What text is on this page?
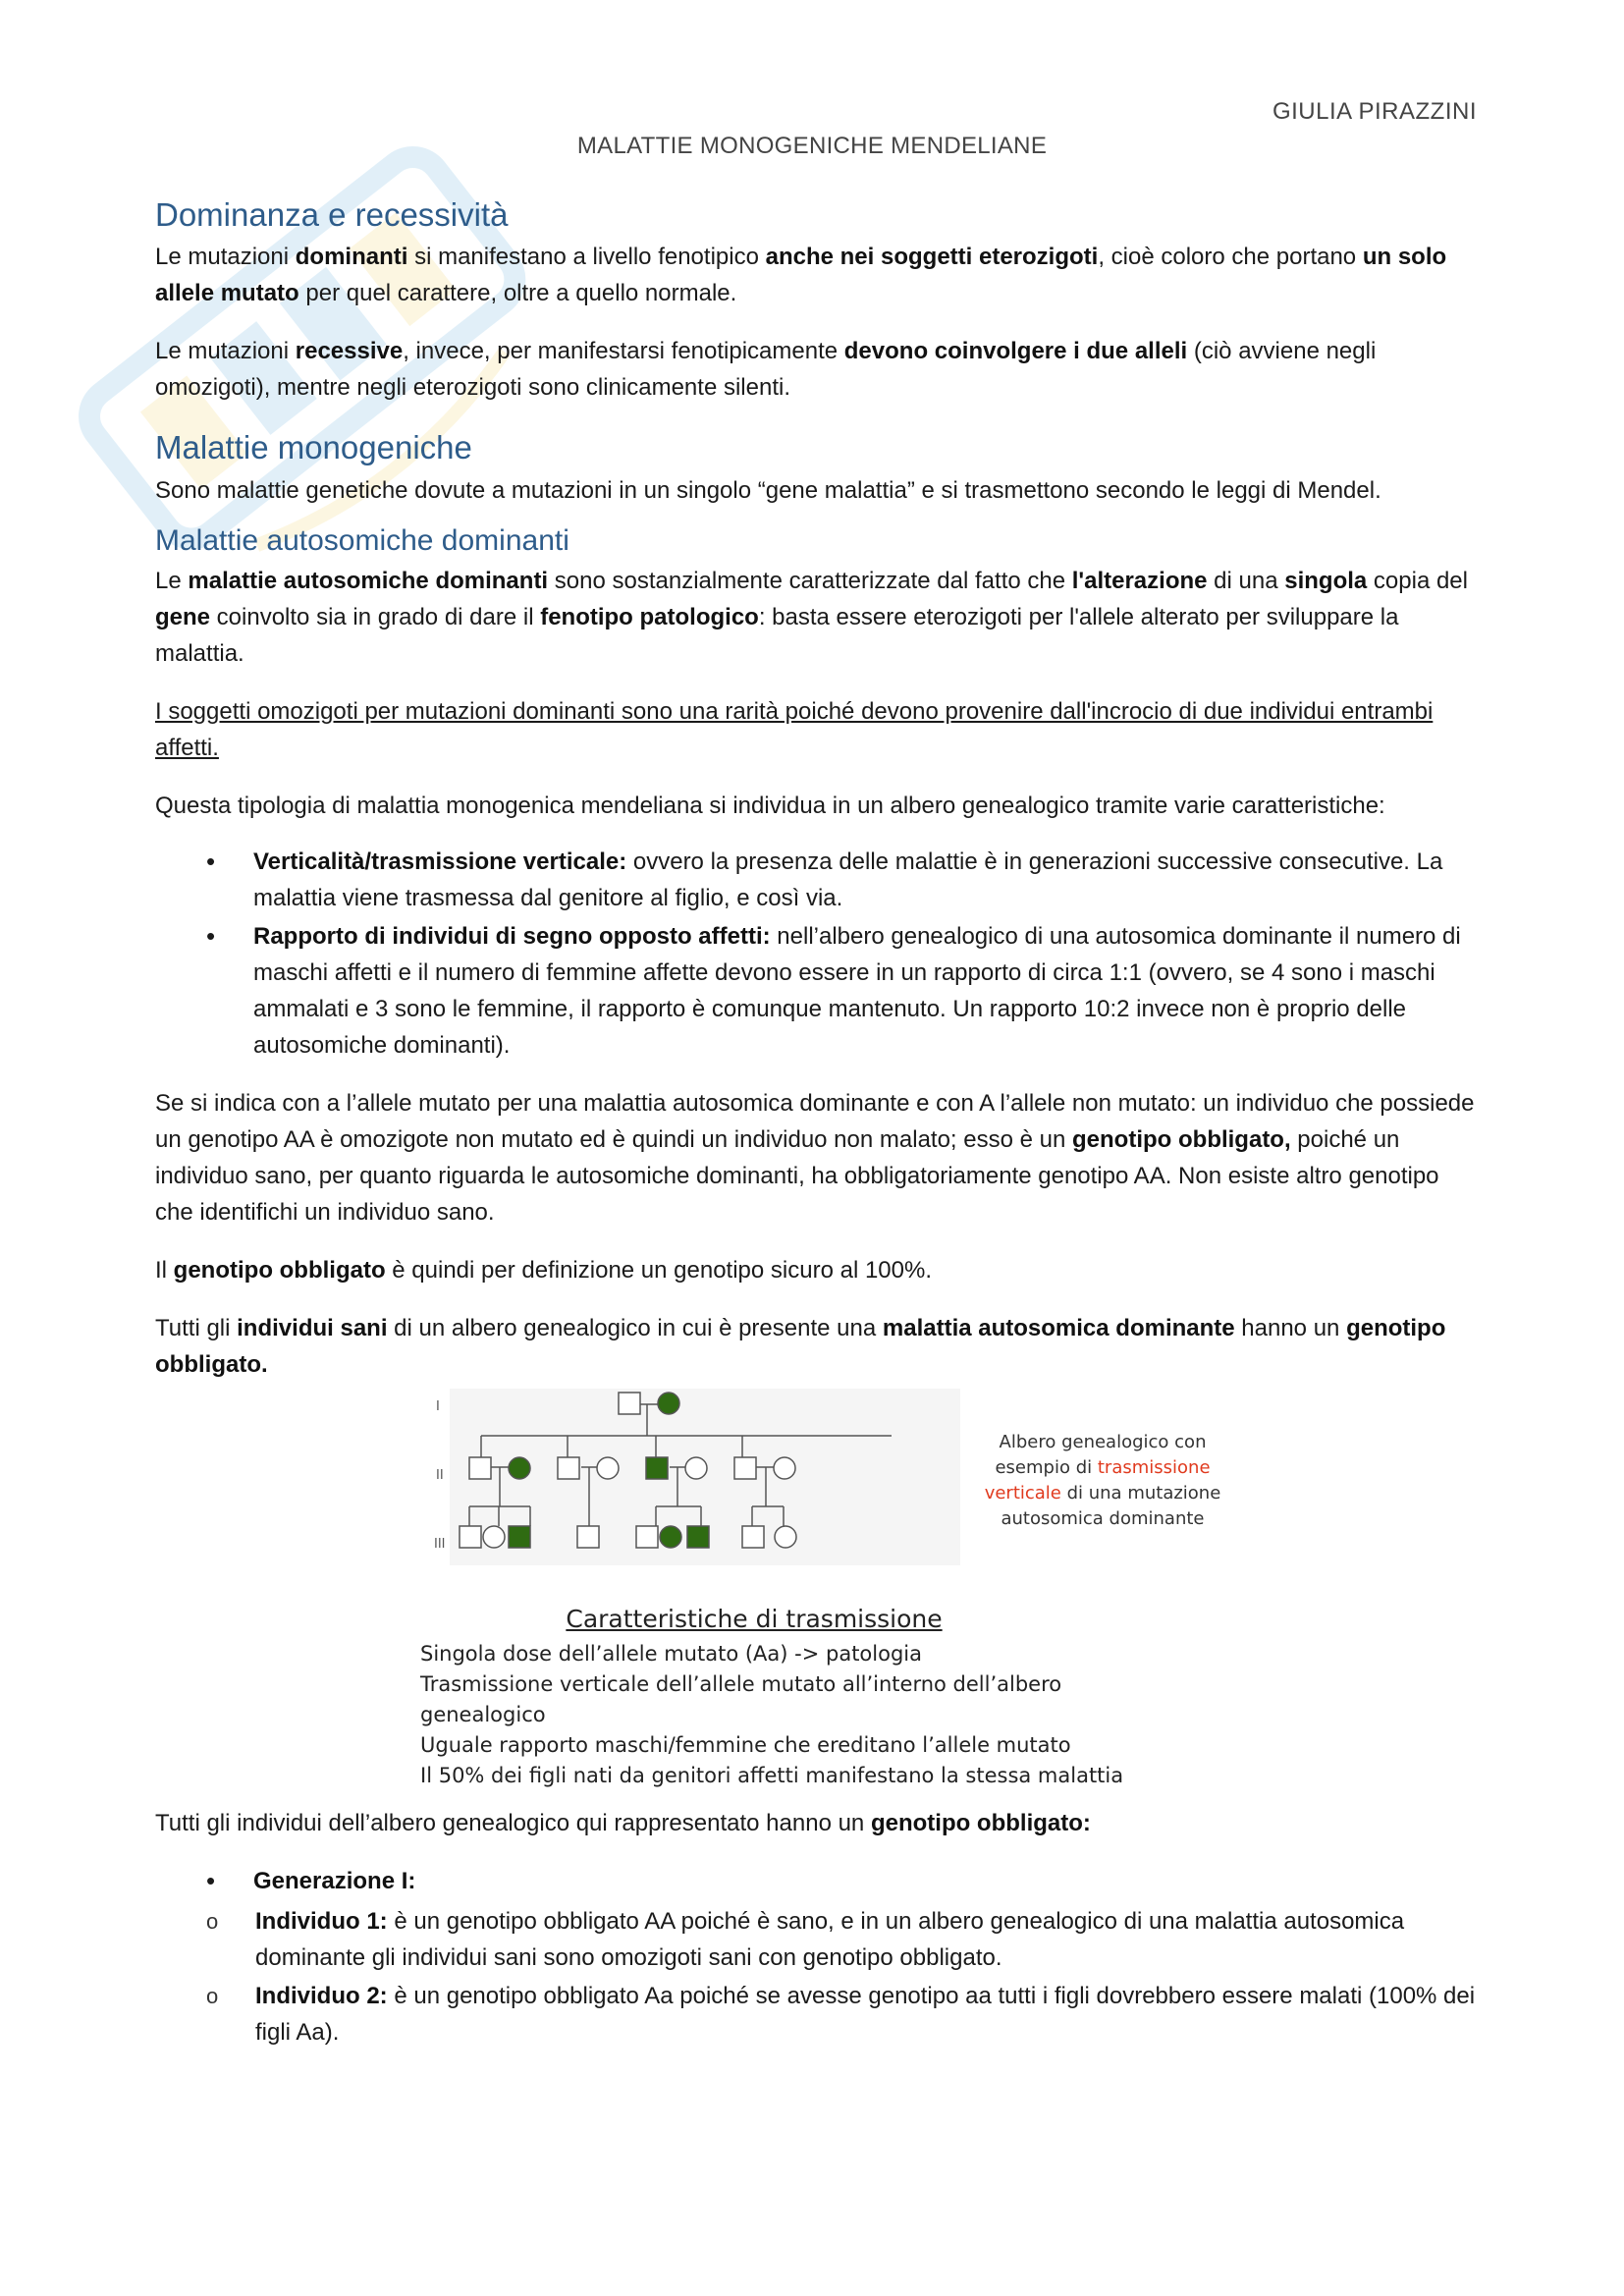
GIULIA PIRAZZINI
MALATTIE MONOGENICHE MENDELIANE
Dominanza e recessività

Le mutazioni dominanti si manifestano a livello fenotipico anche nei soggetti eterozigoti, cioè coloro che portano un solo allele mutato per quel carattere, oltre a quello normale.

Le mutazioni recessive, invece, per manifestarsi fenotipicamente devono coinvolgere i due alleli (ciò avviene negli omozigoti), mentre negli eterozigoti sono clinicamente silenti.

Malattie monogeniche

Sono malattie genetiche dovute a mutazioni in un singolo “gene malattia” e si trasmettono secondo le leggi di Mendel.

Malattie autosomiche dominanti

Le malattie autosomiche dominanti sono sostanzialmente caratterizzate dal fatto che l'alterazione di una singola copia del gene coinvolto sia in grado di dare il fenotipo patologico: basta essere eterozigoti per l'allele alterato per sviluppare la malattia.

I soggetti omozigoti per mutazioni dominanti sono una rarità poiché devono provenire dall'incrocio di due individui entrambi affetti.

Questa tipologia di malattia monogenica mendeliana si individua in un albero genealogico tramite varie caratteristiche:

• Verticalità/trasmissione verticale: ovvero la presenza delle malattie è in generazioni successive consecutive. La malattia viene trasmessa dal genitore al figlio, e così via.
• Rapporto di individui di segno opposto affetti: nell’albero genealogico di una autosomica dominante il numero di maschi affetti e il numero di femmine affette devono essere in un rapporto di circa 1:1 (ovvero, se 4 sono i maschi ammalati e 3 sono le femmine, il rapporto è comunque mantenuto. Un rapporto 10:2 invece non è proprio delle autosomiche dominanti).

Se si indica con a l’allele mutato per una malattia autosomica dominante e con A l’allele non mutato: un individuo che possiede un genotipo AA è omozigote non mutato ed è quindi un individuo non malato; esso è un genotipo obbligato, poiché un individuo sano, per quanto riguarda le autosomiche dominanti, ha obbligatoriamente genotipo AA. Non esiste altro genotipo che identifichi un individuo sano.

Il genotipo obbligato è quindi per definizione un genotipo sicuro al 100%.

Tutti gli individui sani di un albero genealogico in cui è presente una malattia autosomica dominante hanno un genotipo obbligato.

I
II
III
Albero genealogico con
esempio di trasmissione
verticale di una mutazione
autosomica dominante
Caratteristiche di trasmissione
Singola dose dell’allele mutato (Aa) -> patologia
Trasmissione verticale dell’allele mutato all’interno dell’albero
genealogico
Uguale rapporto maschi/femmine che ereditano l’allele mutato
Il 50% dei figli nati da genitori affetti manifestano la stessa malattia

Tutti gli individui dell’albero genealogico qui rappresentato hanno un genotipo obbligato:

• Generazione I:
o Individuo 1: è un genotipo obbligato AA poiché è sano, e in un albero genealogico di una malattia autosomica dominante gli individui sani sono omozigoti sani con genotipo obbligato.
o Individuo 2: è un genotipo obbligato Aa poiché se avesse genotipo aa tutti i figli dovrebbero essere malati (100% dei figli Aa).
